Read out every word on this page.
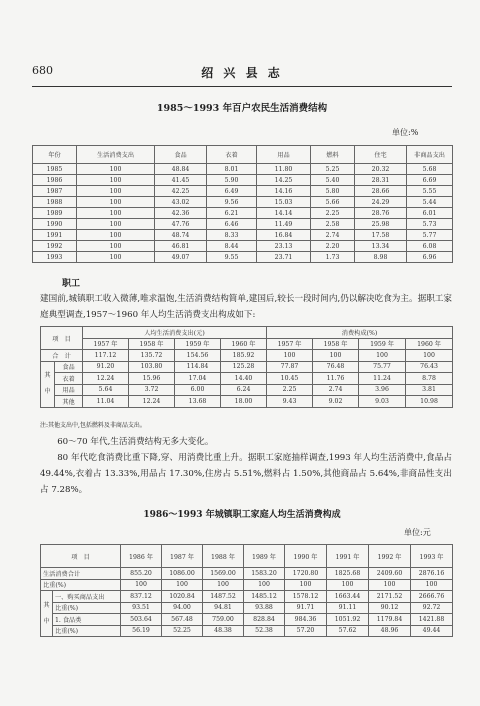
680	绍 兴 县 志
1985～1993 年百户农民生活消费结构
单位:%
年份	生活消费支出	食品	衣着	用品	燃料	住宅	非商品支出
1985	100	48.84	8.01	11.80	5.25	20.32	5.68
1986	100	41.45	5.90	14.25	5.40	28.31	6.69
1987	100	42.25	6.49	14.16	5.80	28.66	5.55
1988	100	43.02	9.56	15.03	5.66	24.29	5.44
1989	100	42.36	6.21	14.14	2.25	28.76	6.01
1990	100	47.76	6.46	11.49	2.58	25.98	5.73
1991	100	48.74	8.33	16.84	2.74	17.58	5.77
1992	100	46.81	8.44	23.13	2.20	13.34	6.08
1993	100	49.07	9.55	23.71	1.73	8.98	6.96
职工
建国前,城镇职工收入微薄,唯求温饱,生活消费结构简单,建国后,较长一段时间内,仍以解决吃食为主。据职工家庭典型调查,1957～1960 年人均生活消费支出构成如下:
项　目		人均生活消费支出(元)				消费构成(%)			
		1957 年	1958 年	1959 年	1960 年	1957 年	1958 年	1959 年	1960 年
合　计		117.12	135.72	154.56	185.92	100	100	100	100

其
中	食品	91.20	103.80	114.84	125.28	77.87	76.48	75.77	76.43
	衣着	12.24	15.96	17.04	14.40	10.45	11.76	11.24	8.78
	用品	5.64	3.72	6.00	6.24	2.25	2.74	3.96	3.81
	其他	11.04	12.24	13.68	18.00	9.43	9.02	9.03	10.98
注:其他支出中,包括燃料及非商品支出。
60～70 年代,生活消费结构无多大变化。
80 年代吃食消费比重下降,穿、用消费比重上升。据职工家庭抽样调查,1993 年人均生活消费中,食品占 49.44%,衣着占 13.33%,用品占 17.30%,住房占 5.51%,燃料占 1.50%,其他商品占 5.64%,非商品性支出占 7.28%。
1986～1993 年城镇职工家庭人均生活消费构成
单位:元
项　目		1986 年	1987 年	1988 年	1989 年	1990 年	1991 年	1992 年	1993 年
生活消费合计		855.20	1086.00	1569.00	1583.20	1720.80	1825.68	2409.60	2876.16
比重(%)		100	100	100	100	100	100	100	100

其
中	一、购买商品支出	837.12	1020.84	1487.52	1485.12	1578.12	1663.44	2171.52	2666.76
	比重(%)	93.51	94.00	94.81	93.88	91.71	91.11	90.12	92.72
	1. 食品类	503.64	567.48	759.00	828.84	984.36	1051.92	1179.84	1421.88
	比重(%)	56.19	52.25	48.38	52.38	57.20	57.62	48.96	49.44
